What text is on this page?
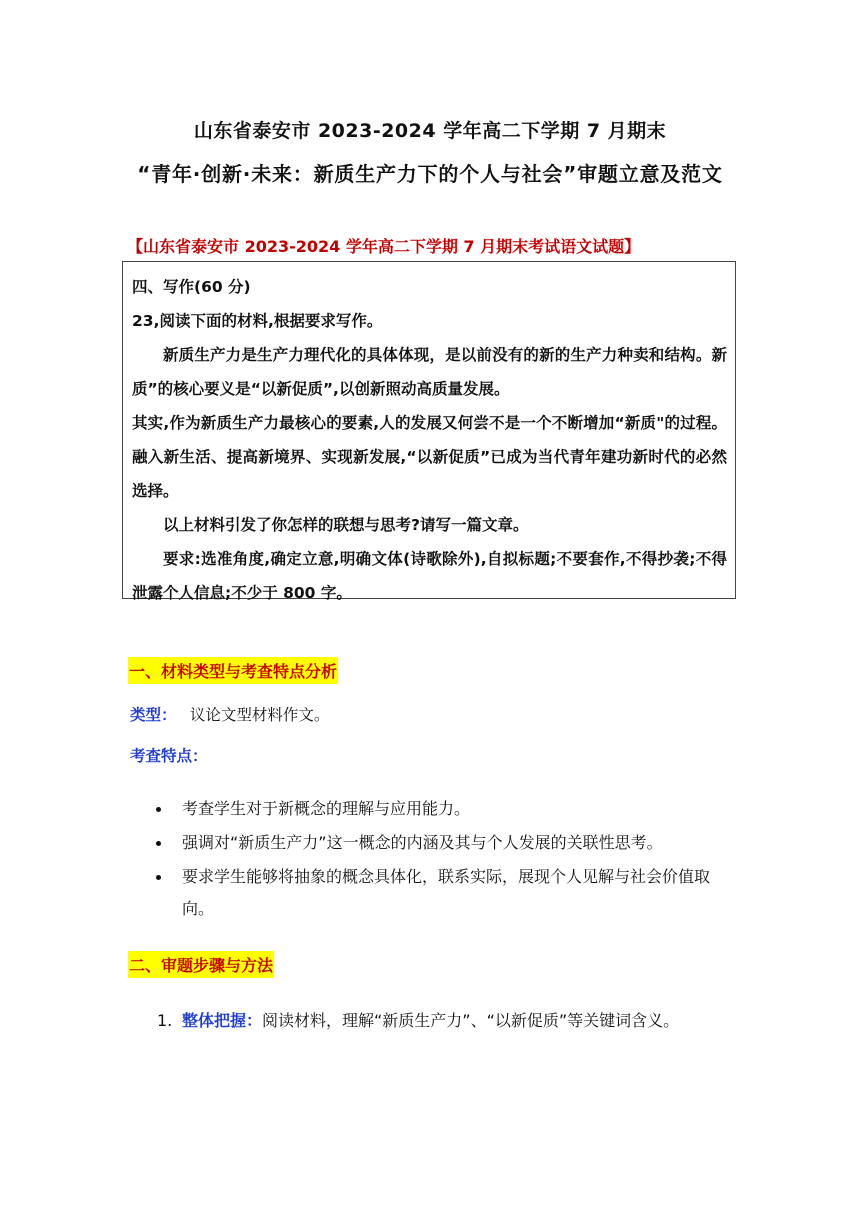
山东省泰安市 2023-2024 学年高二下学期 7 月期末
“青年·创新·未来：新质生产力下的个人与社会”审题立意及范文
【山东省泰安市 2023-2024 学年高二下学期 7 月期末考试语文试题】

四、写作(60 分)

23,阅读下面的材料,根据要求写作。

新质生产力是生产力理代化的具体体现，是以前没有的新的生产力种卖和结构。新质”的核心要义是“以新促质”,以创新照动高质量发展。

其实,作为新质生产力最核心的要素,人的发展又何尝不是一个不断增加“新质"的过程。融入新生活、提高新境界、实现新发展,“以新促质”已成为当代青年建功新时代的必然选择。

以上材料引发了你怎样的联想与思考?请写一篇文章。

要求:选准角度,确定立意,明确文体(诗歌除外),自拟标题;不要套作,不得抄袭;不得泄露个人信息;不少于 800 字。

一、材料类型与考查特点分析
类型： 议论文型材料作文。
考查特点：
考查学生对于新概念的理解与应用能力。
强调对“新质生产力”这一概念的内涵及其与个人发展的关联性思考。
要求学生能够将抽象的概念具体化，联系实际，展现个人见解与社会价值取向。
二、审题步骤与方法
1. 整体把握：阅读材料，理解“新质生产力”、“以新促质”等关键词含义。
